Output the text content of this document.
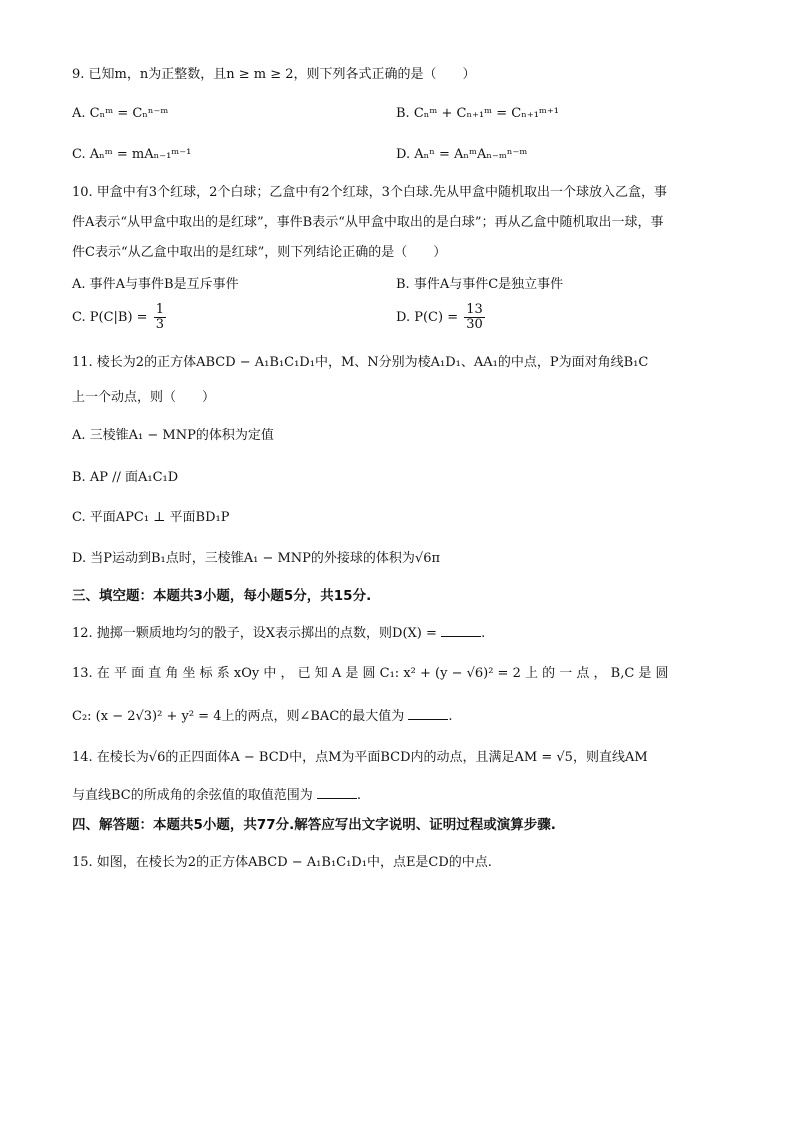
9. 已知m，n为正整数，且n ≥ m ≥ 2，则下列各式正确的是（　　）
A. Cₙᵐ = Cₙⁿ⁻ᵐ	B. Cₙᵐ + Cₙ₊₁ᵐ = Cₙ₊₁ᵐ⁺¹
C. Aₙᵐ = mAₙ₋₁ᵐ⁻¹	D. Aₙⁿ = AₙᵐAₙ₋ₘⁿ⁻ᵐ
10. 甲盒中有3个红球，2个白球；乙盒中有2个红球，3个白球.先从甲盒中随机取出一个球放入乙盒，事
件A表示“从甲盒中取出的是红球”，事件B表示“从甲盒中取出的是白球”；再从乙盒中随机取出一球，事
件C表示“从乙盒中取出的是红球”，则下列结论正确的是（　　）
A. 事件A与事件B是互斥事件	B. 事件A与事件C是独立事件
C. $P(C|B) = \frac{1}{3}$	D. $P(C) = \frac{13}{30}$
11. 棱长为2的正方体ABCD − A₁B₁C₁D₁中，M、N分别为棱A₁D₁、AA₁的中点，P为面对角线B₁C
上一个动点，则（　　）
A. 三棱锥A₁ − MNP的体积为定值
B. AP // 面A₁C₁D
C. 平面APC₁ ⊥ 平面BD₁P
D. 当P运动到B₁点时，三棱锥A₁ − MNP的外接球的体积为√6π
三、填空题：本题共3小题，每小题5分，共15分.
12. 抛掷一颗质地均匀的骰子，设X表示掷出的点数，则D(X) =	.
13. 在 平 面 直 角 坐 标 系 xOy 中 ， 已 知 A 是 圆 C₁: x² + (y − √6)² = 2 上 的 一 点 ， B,C 是 圆
C₂: (x − 2√3)² + y² = 4上的两点，则∠BAC的最大值为	.
14. 在棱长为√6的正四面体A − BCD中，点M为平面BCD内的动点，且满足AM = √5，则直线AM
与直线BC的所成角的余弦值的取值范围为	.
四、解答题：本题共5小题，共77分.解答应写出文字说明、证明过程或演算步骤.
15. 如图，在棱长为2的正方体ABCD − A₁B₁C₁D₁中，点E是CD的中点.
